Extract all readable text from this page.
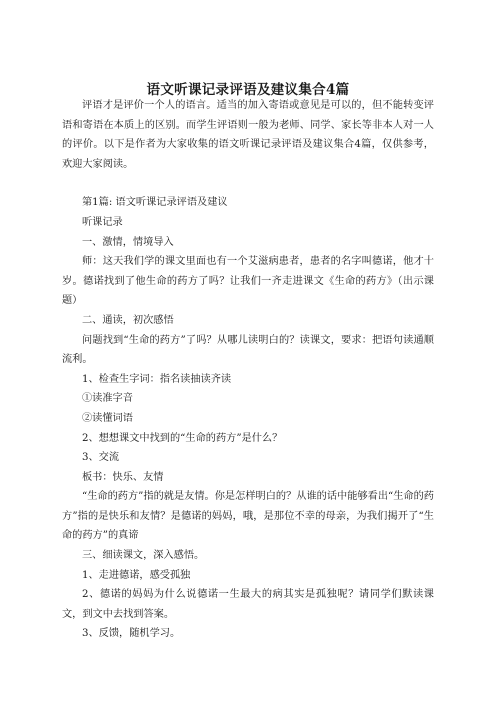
语文听课记录评语及建议集合4篇

评语才是评价一个人的语言。适当的加入寄语或意见是可以的，但不能转变评语和寄语在本质上的区别。而学生评语则一般为老师、同学、家长等非本人对一人的评价。以下是作者为大家收集的语文听课记录评语及建议集合4篇，仅供参考，欢迎大家阅读。

第1篇: 语文听课记录评语及建议

听课记录

一、激情，情境导入

师：这天我们学的课文里面也有一个艾滋病患者，患者的名字叫德诺，他才十岁。德诺找到了他生命的药方了吗？让我们一齐走进课文《生命的药方》（出示课题）

二、通读，初次感悟

问题找到“生命的药方”了吗？从哪儿读明白的？读课文，要求：把语句读通顺流利。

1、检查生字词：指名读抽读齐读

①读准字音

②读懂词语

2、想想课文中找到的“生命的药方”是什么？

3、交流

板书：快乐、友情

“生命的药方”指的就是友情。你是怎样明白的？从谁的话中能够看出“生命的药方”指的是快乐和友情？是德诺的妈妈，哦，是那位不幸的母亲，为我们揭开了“生命的药方”的真谛

三、细读课文，深入感悟。

1、走进德诺，感受孤独

2、德诺的妈妈为什么说德诺一生最大的病其实是孤独呢？请同学们默读课文，到文中去找到答案。

3、反馈，随机学习。
